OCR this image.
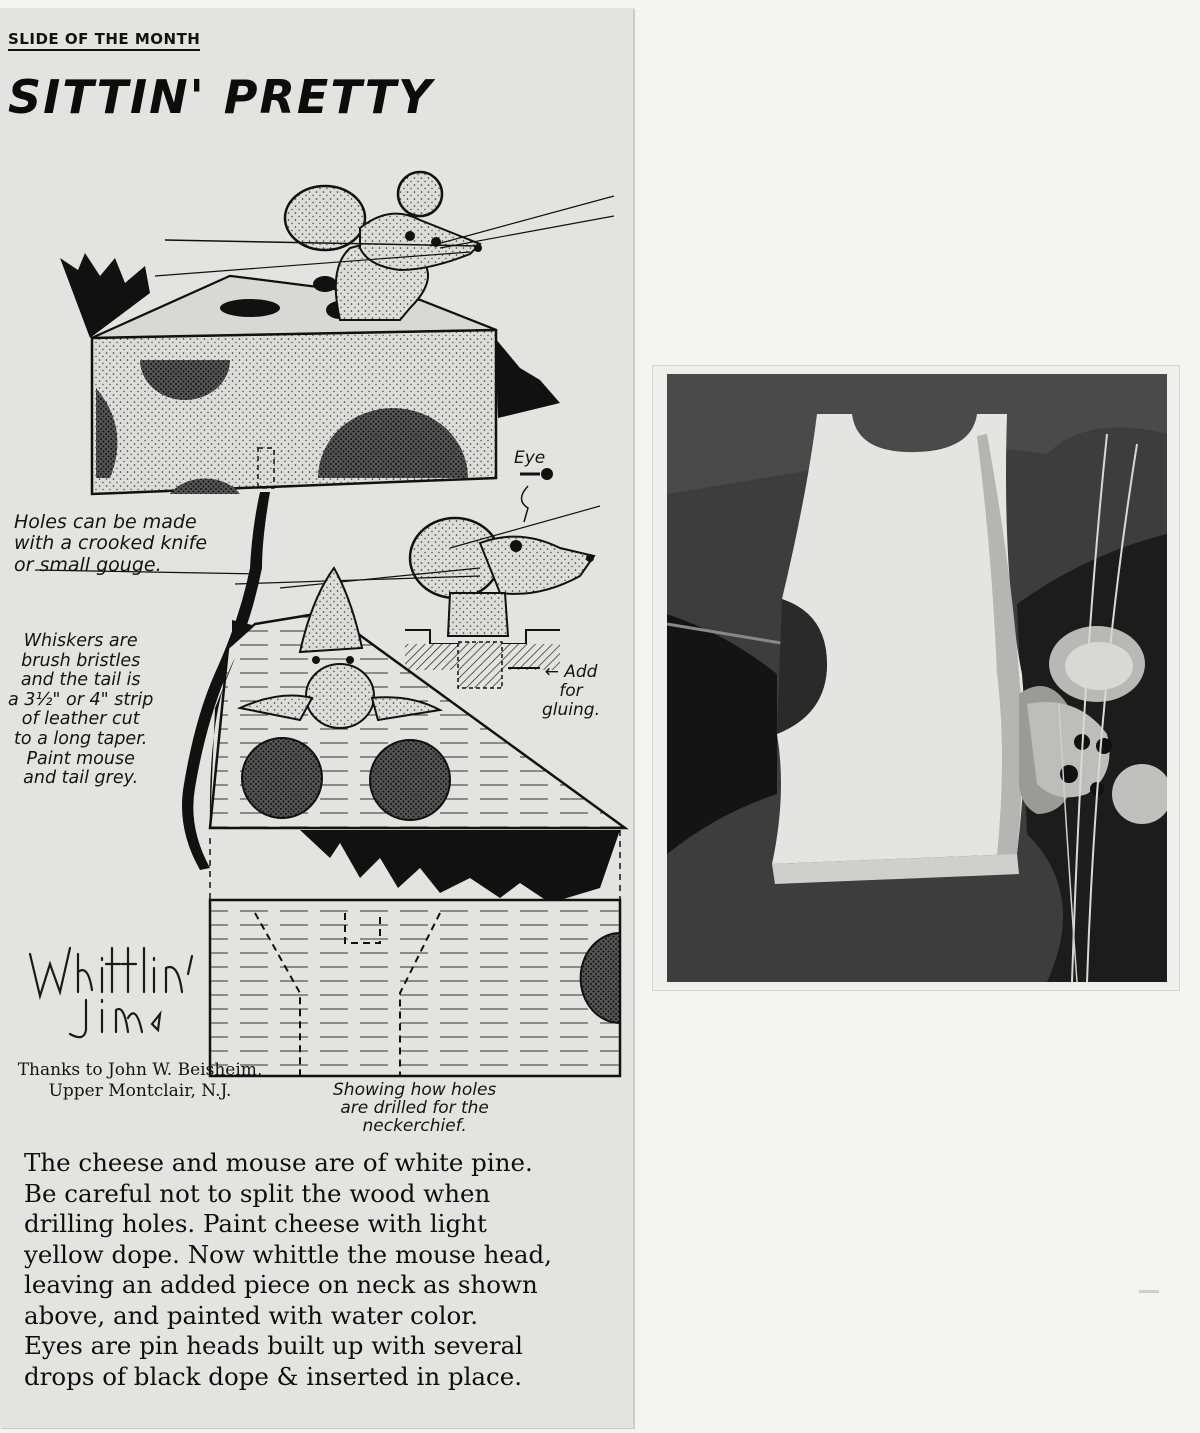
SLIDE OF THE MONTH
SITTIN' PRETTY

Holes can be made
with a crooked knife
or small gouge.

Whiskers are
brush bristles
and the tail is
a 3½" or 4" strip
of leather cut
to a long taper.
Paint mouse
and tail grey.

Eye

← Add
for
gluing.

Showing how holes
are drilled for the
neckerchief.

Thanks to John W. Beisheim, Upper Montclair, N.J.

The cheese and mouse are of white pine.
Be careful not to split the wood when
drilling holes. Paint cheese with light
yellow dope. Now whittle the mouse head,
leaving an added piece on neck as shown
above, and painted with water color.
Eyes are pin heads built up with several
drops of black dope & inserted in place.
